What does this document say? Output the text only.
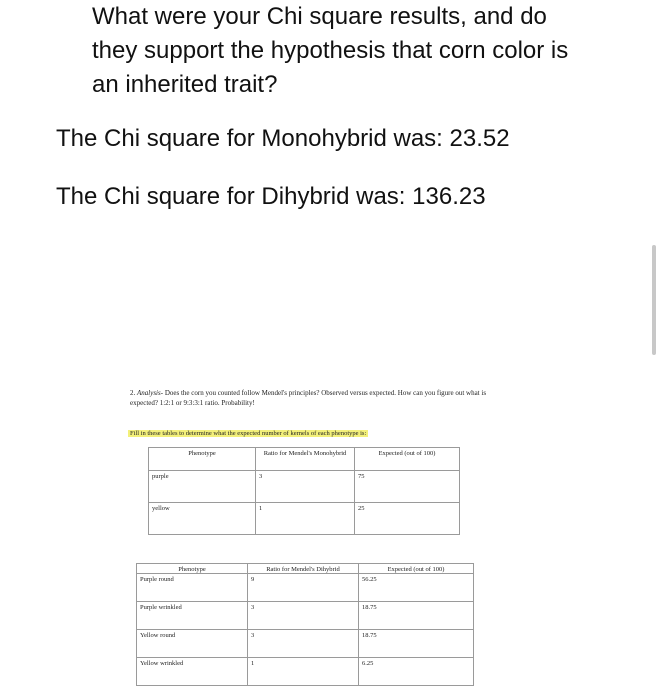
What were your Chi square results, and do they support the hypothesis that corn color is an inherited trait?
The Chi square for Monohybrid was: 23.52
The Chi square for Dihybrid was: 136.23
2. Analysis- Does the corn you counted follow Mendel's principles? Observed versus expected. How can you figure out what is expected? 1:2:1 or 9:3:3:1 ratio. Probability!
Fill in these tables to determine what the expected number of kernels of each phenotype is:
Phenotype	Ratio for Mendel's Monohybrid	Expected (out of 100)
purple	3	75
yellow	1	25
Phenotype	Ratio for Mendel's Dihybrid	Expected (out of 100)
Purple round	9	56.25
Purple wrinkled	3	18.75
Yellow round	3	18.75
Yellow wrinkled	1	6.25
